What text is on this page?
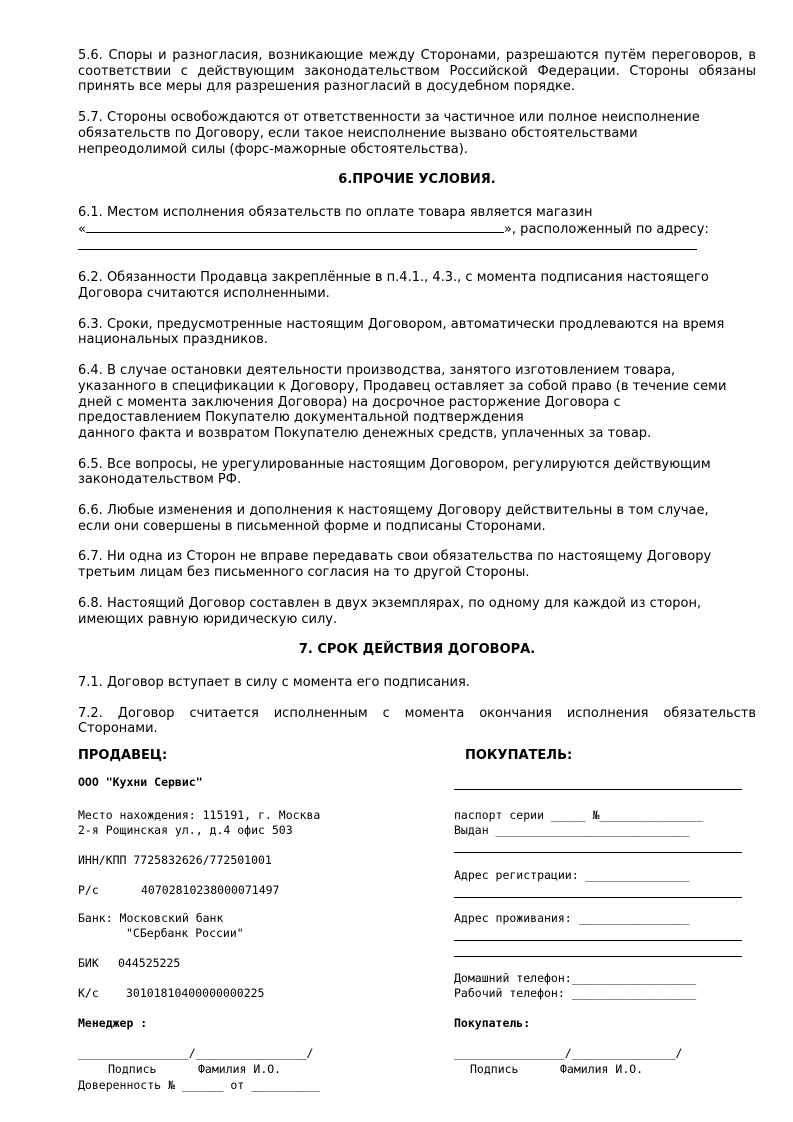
5.6. Споры и разногласия, возникающие между Сторонами, разрешаются путём переговоров, в соответствии с действующим законодательством Российской Федерации. Стороны обязаны принять все меры для разрешения разногласий в досудебном порядке.
5.7. Стороны освобождаются от ответственности за частичное или полное неисполнение
обязательств по Договору, если такое неисполнение вызвано обстоятельствами
непреодолимой силы (форс-мажорные обстоятельства).
6.ПРОЧИЕ УСЛОВИЯ.
6.1. Местом исполнения обязательств по оплате товара является магазин
«	», расположенный по адресу:
6.2. Обязанности Продавца закреплённые в п.4.1., 4.3., с момента подписания настоящего
Договора считаются исполненными.
6.3. Сроки, предусмотренные настоящим Договором, автоматически продлеваются на время
национальных праздников.
6.4. В случае остановки деятельности производства, занятого изготовлением товара,
указанного в спецификации к Договору, Продавец оставляет за собой право (в течение семи
дней с момента заключения Договора) на досрочное расторжение Договора с
предоставлением Покупателю документальной подтверждения
данного факта и возвратом Покупателю денежных средств, уплаченных за товар.
6.5. Все вопросы, не урегулированные настоящим Договором, регулируются действующим
законодательством РФ.
6.6. Любые изменения и дополнения к настоящему Договору действительны в том случае,
если они совершены в письменной форме и подписаны Сторонами.
6.7. Ни одна из Сторон не вправе передавать свои обязательства по настоящему Договору
третьим лицам без письменного согласия на то другой Стороны.
6.8. Настоящий Договор составлен в двух экземплярах, по одному для каждой из сторон,
имеющих равную юридическую силу.
7. СРОК ДЕЙСТВИЯ ДОГОВОРА.
7.1. Договор вступает в силу с момента его подписания.
7.2. Договор считается исполненным с момента окончания исполнения обязательств
Сторонами.
ПРОДАВЕЦ:
ООО "Кухни Сервис"
Место нахождения: 115191, г. Москва
2-я Рощинская ул., д.4 офис 503
ИНН/КПП 7725832626/772501001
Р/с	40702810238000071497
Банк: Московский банк
"СБербанк России"
БИК 044525225
К/с 30101810400000000225
Менеджер :
________________/________________/
Подпись      Фамилия И.О.
Доверенность № ______ от __________
ПОКУПАТЕЛЬ:
паспорт серии _____ №_______________
Выдан ____________________________
Адрес регистрации: _______________
Адрес проживания: ________________
Домашний телефон:__________________
Рабочий телефон: __________________
Покупатель:
________________/_______________/
Подпись      Фамилия И.О.
